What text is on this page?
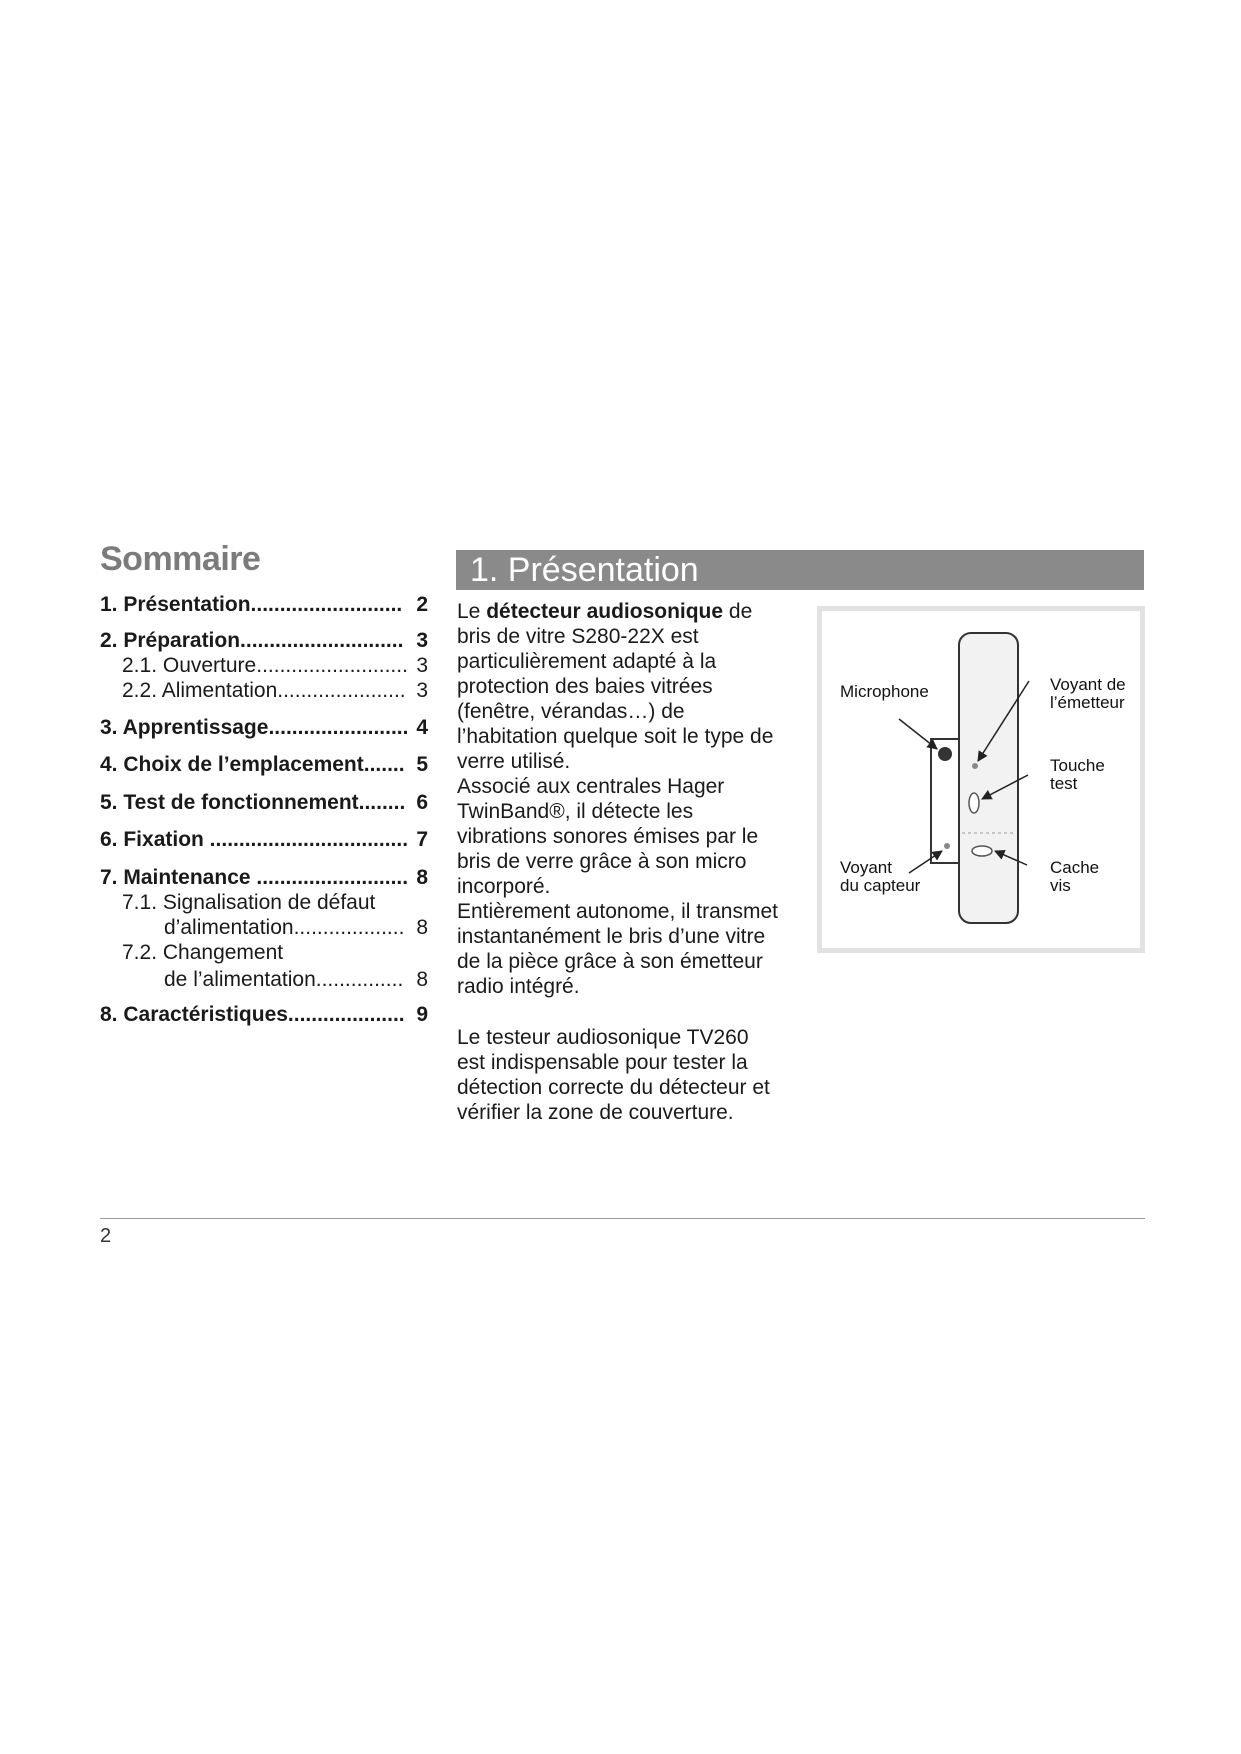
Sommaire
2
1. Présentation..........................
3
2. Préparation............................
3
2.1. Ouverture..........................
3
2.2. Alimentation......................
4
3. Apprentissage........................
5
4. Choix de l’emplacement.......
6
5. Test de fonctionnement........
7
6. Fixation ..................................
8
7. Maintenance ..........................
7.1. Signalisation de défaut
8
d’alimentation...................
7.2. Changement
8
de l’alimentation...............
9
8. Caractéristiques....................
1. Présentation
Le détecteur audiosonique de
bris de vitre S280-22X est
particulièrement adapté à la
protection des baies vitrées
(fenêtre, vérandas…) de
l’habitation quelque soit le type de
verre utilisé.
Associé aux centrales Hager
TwinBand®, il détecte les
vibrations sonores émises par le
bris de verre grâce à son micro
incorporé.
Entièrement autonome, il transmet
instantanément le bris d’une vitre
de la pièce grâce à son émetteur
radio intégré.
Le testeur audiosonique TV260
est indispensable pour tester la
détection correcte du détecteur et
vérifier la zone de couverture.
Microphone	Voyant de
l’émetteur
Touche
test
Voyant
du capteur
Cache
vis
2
